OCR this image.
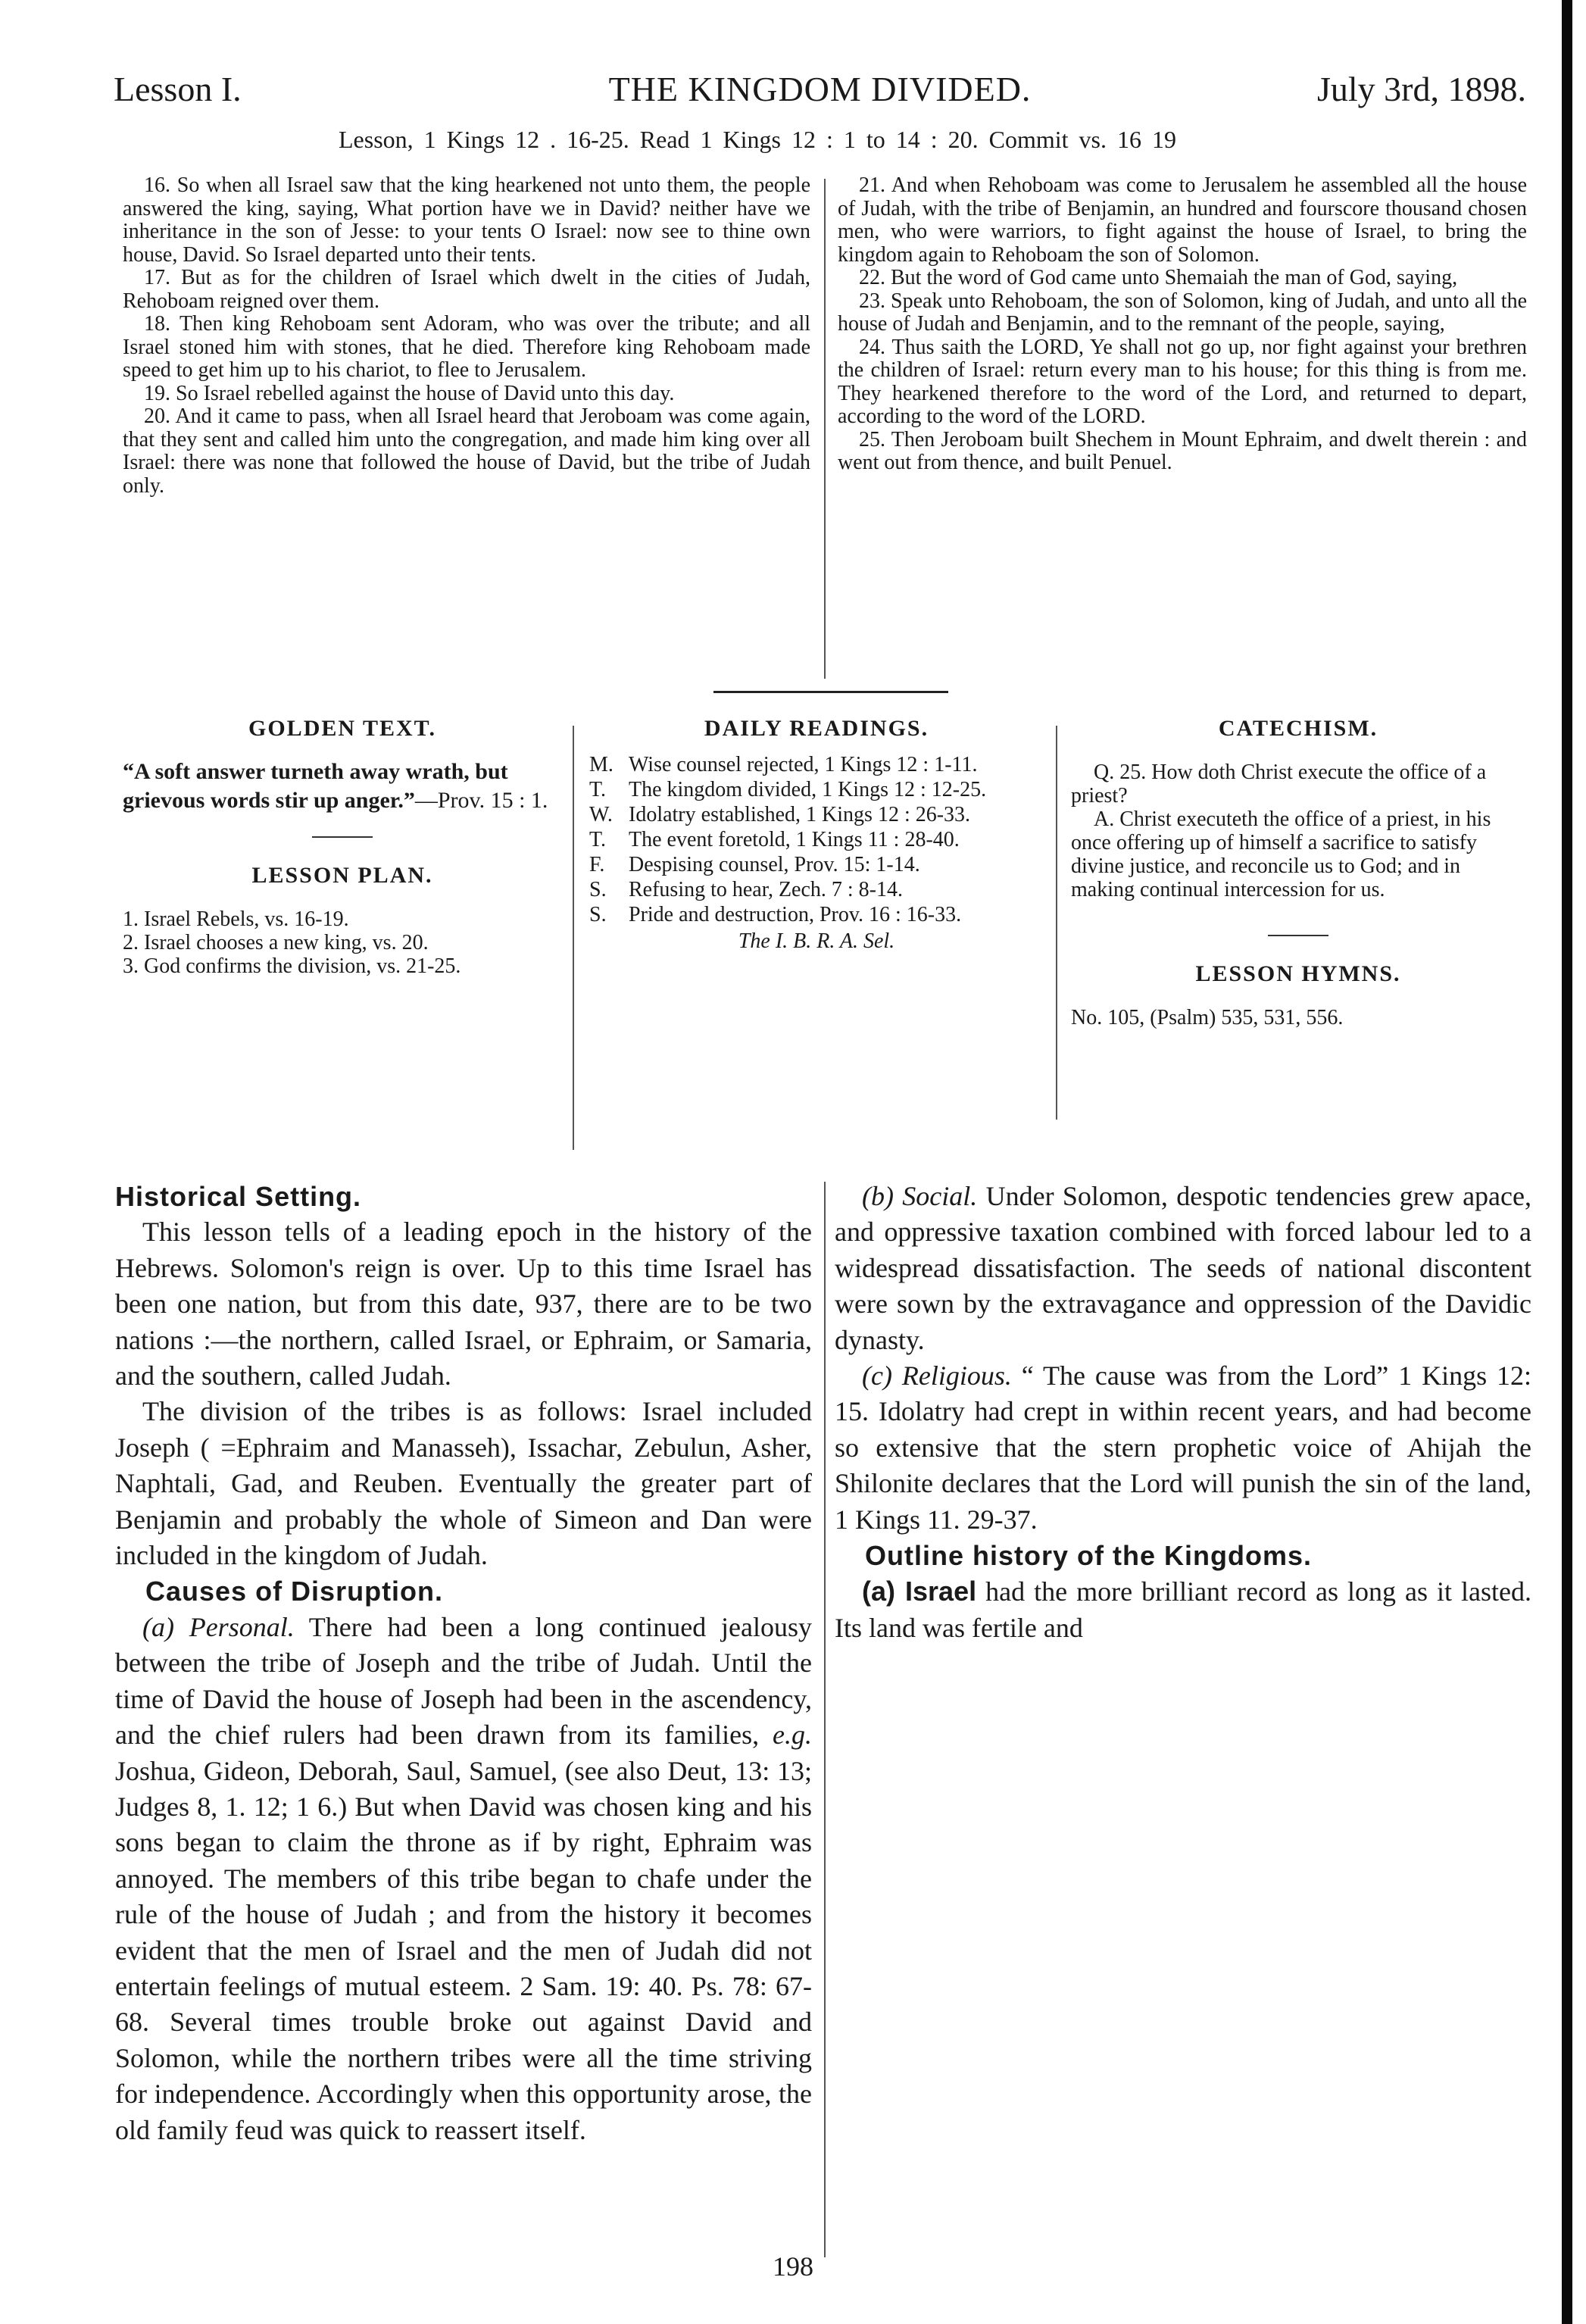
Lesson I.	THE KINGDOM DIVIDED.	July 3rd, 1898.
Lesson, 1 Kings 12 . 16-25. Read 1 Kings 12 : 1 to 14 : 20. Commit vs. 16 19

16. So when all Israel saw that the king hearkened not unto them, the people answered the king, saying, What portion have we in David? neither have we inheritance in the son of Jesse: to your tents O Israel: now see to thine own house, David. So Israel departed unto their tents.

17. But as for the children of Israel which dwelt in the cities of Judah, Rehoboam reigned over them.

18. Then king Rehoboam sent Adoram, who was over the tribute; and all Israel stoned him with stones, that he died. Therefore king Rehoboam made speed to get him up to his chariot, to flee to Jerusalem.

19. So Israel rebelled against the house of David unto this day.

20. And it came to pass, when all Israel heard that Jeroboam was come again, that they sent and called him unto the congregation, and made him king over all Israel: there was none that followed the house of David, but the tribe of Judah only.

21. And when Rehoboam was come to Jerusalem he assembled all the house of Judah, with the tribe of Benjamin, an hundred and fourscore thousand chosen men, who were warriors, to fight against the house of Israel, to bring the kingdom again to Rehoboam the son of Solomon.

22. But the word of God came unto Shemaiah the man of God, saying,

23. Speak unto Rehoboam, the son of Solomon, king of Judah, and unto all the house of Judah and Benjamin, and to the remnant of the people, saying,

24. Thus saith the LORD, Ye shall not go up, nor fight against your brethren the children of Israel: return every man to his house; for this thing is from me. They hearkened therefore to the word of the Lord, and returned to depart, according to the word of the LORD.

25. Then Jeroboam built Shechem in Mount Ephraim, and dwelt therein : and went out from thence, and built Penuel.

GOLDEN TEXT.

“A soft answer turneth away wrath, but grievous words stir up anger.”—Prov. 15 : 1.

LESSON PLAN.
1. Israel Rebels, vs. 16-19.
2. Israel chooses a new king, vs. 20.
3. God confirms the division, vs. 21-25.
DAILY READINGS.
M. Wise counsel rejected, 1 Kings 12 : 1-11.
T.	The kingdom divided, 1 Kings 12 : 12-25.
W. Idolatry established, 1 Kings 12 : 26-33.
T.	The event foretold, 1 Kings 11 : 28-40.
F.	Despising counsel, Prov. 15: 1-14.
S.	Refusing to hear, Zech. 7 : 8-14.
S.	Pride and destruction, Prov. 16 : 16-33.

The I. B. R. A. Sel.

CATECHISM.

Q. 25. How doth Christ execute the office of a priest?

A. Christ executeth the office of a priest, in his once offering up of himself a sacrifice to satisfy divine justice, and reconcile us to God; and in making continual intercession for us.

LESSON HYMNS.

No. 105, (Psalm) 535, 531, 556.

Historical Setting.

This lesson tells of a leading epoch in the history of the Hebrews. Solomon's reign is over. Up to this time Israel has been one nation, but from this date, 937, there are to be two nations :—the northern, called Israel, or Ephraim, or Samaria, and the southern, called Judah.

The division of the tribes is as follows: Israel included Joseph ( =Ephraim and Manasseh), Issachar, Zebulun, Asher, Naphtali, Gad, and Reuben. Eventually the greater part of Benjamin and probably the whole of Simeon and Dan were included in the kingdom of Judah.

Causes of Disruption.

(a) Personal. There had been a long continued jealousy between the tribe of Joseph and the tribe of Judah. Until the time of David the house of Joseph had been in the ascendency, and the chief rulers had been drawn from its families, e.g. Joshua, Gideon, Deborah, Saul, Samuel, (see also Deut, 13: 13; Judges 8, 1. 12; 1 6.) But when David was chosen king and his sons began to claim the throne as if by right, Ephraim was annoyed. The members of this tribe began to chafe under the rule of the house of Judah ; and from the history it becomes evident that the men of Israel and the men of Judah did not entertain feelings of mutual esteem. 2 Sam. 19: 40. Ps. 78: 67-68. Several times trouble broke out against David and Solomon, while the northern tribes were all the time striving for independence. Accordingly when this opportunity arose, the old family feud was quick to reassert itself.

(b) Social. Under Solomon, despotic tendencies grew apace, and oppressive taxation combined with forced labour led to a widespread dissatisfaction. The seeds of national discontent were sown by the extravagance and oppression of the Davidic dynasty.

(c) Religious. “ The cause was from the Lord” 1 Kings 12: 15. Idolatry had crept in within recent years, and had become so extensive that the stern prophetic voice of Ahijah the Shilonite declares that the Lord will punish the sin of the land, 1 Kings 11. 29-37.

Outline history of the Kingdoms.

(a) Israel had the more brilliant record as long as it lasted. Its land was fertile and

198
